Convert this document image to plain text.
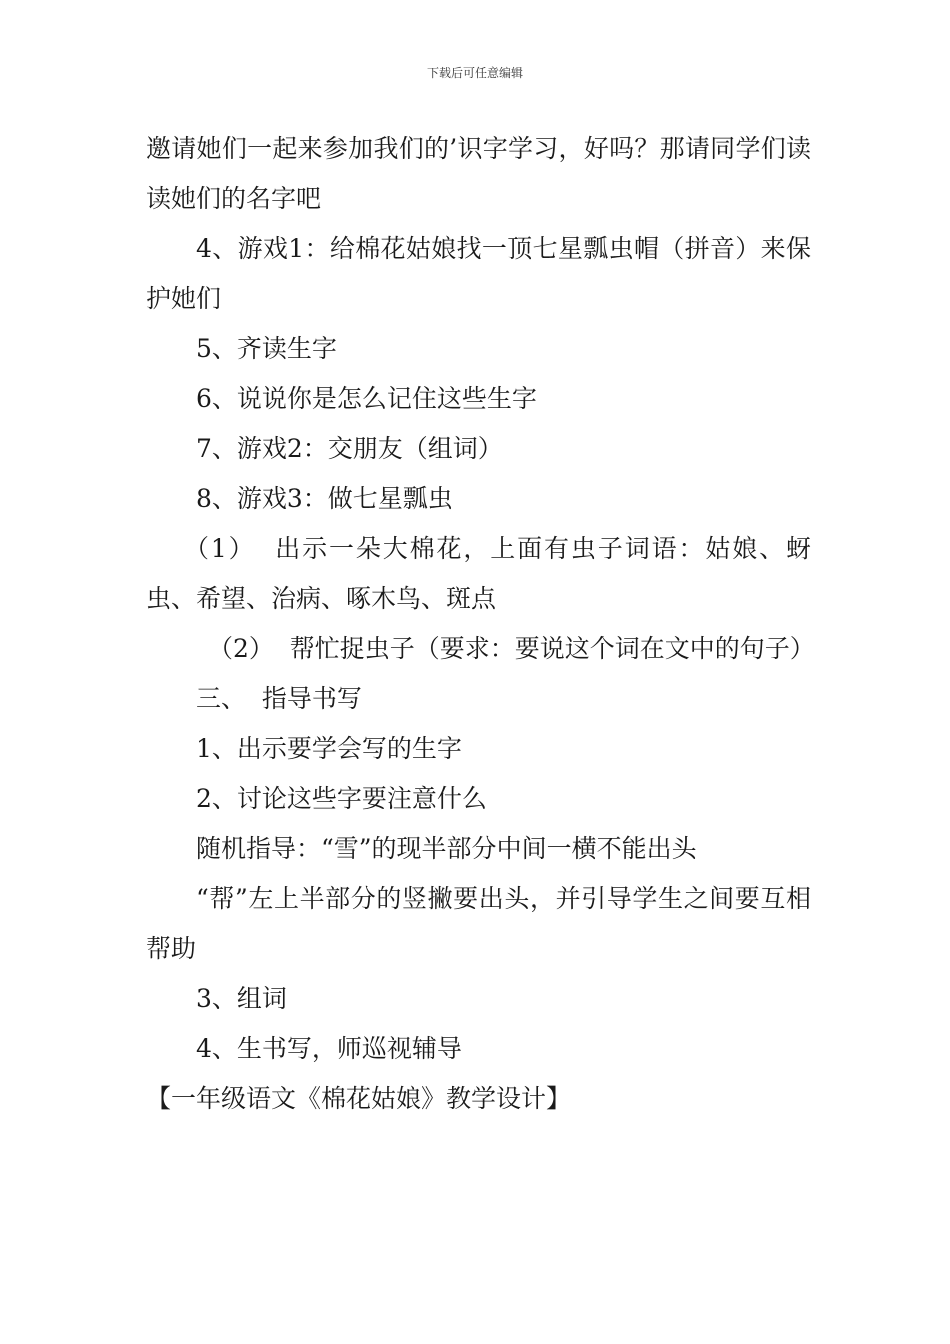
下载后可任意编辑

邀请她们一起来参加我们的’识字学习，好吗？那请同学们读读她们的名字吧

4、游戏1：给棉花姑娘找一顶七星瓢虫帽（拼音）来保护她们

5、齐读生字

6、说说你是怎么记住这些生字

7、游戏2：交朋友（组词）

8、游戏3：做七星瓢虫

（1）  出示一朵大棉花，上面有虫子词语：姑娘、蚜虫、希望、治病、啄木鸟、斑点

（2）  帮忙捉虫子（要求：要说这个词在文中的句子）

三、  指导书写

1、出示要学会写的生字

2、讨论这些字要注意什么

随机指导：“雪”的现半部分中间一横不能出头

“帮”左上半部分的竖撇要出头，并引导学生之间要互相帮助

3、组词

4、生书写，师巡视辅导

【一年级语文《棉花姑娘》教学设计】
